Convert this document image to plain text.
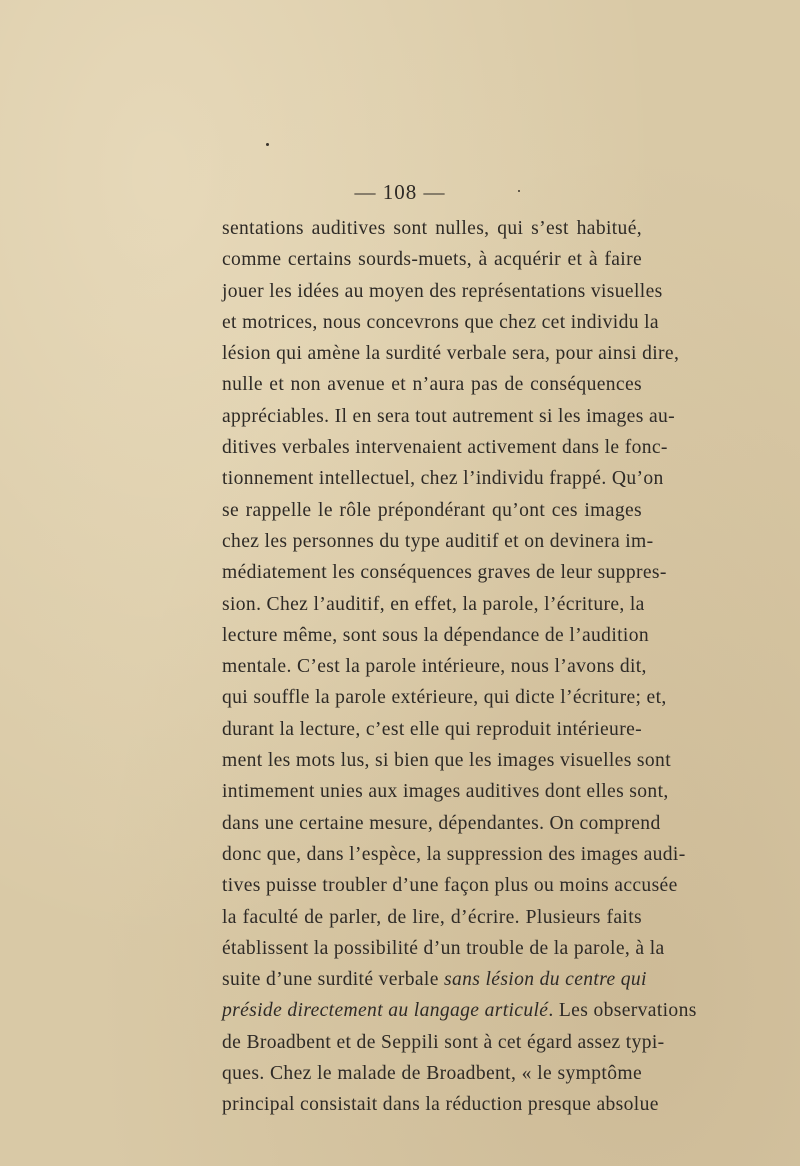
— 108 —
sentations auditives sont nulles, qui s’est habitué,
comme certains sourds-muets, à acquérir et à faire
jouer les idées au moyen des représentations visuelles
et motrices, nous concevrons que chez cet individu la
lésion qui amène la surdité verbale sera, pour ainsi dire,
nulle et non avenue et n’aura pas de conséquences
appréciables. Il en sera tout autrement si les images au-
ditives verbales intervenaient activement dans le fonc-
tionnement intellectuel, chez l’individu frappé. Qu’on
se rappelle le rôle prépondérant qu’ont ces images
chez les personnes du type auditif et on devinera im-
médiatement les conséquences graves de leur suppres-
sion. Chez l’auditif, en effet, la parole, l’écriture, la
lecture même, sont sous la dépendance de l’audition
mentale. C’est la parole intérieure, nous l’avons dit,
qui souffle la parole extérieure, qui dicte l’écriture; et,
durant la lecture, c’est elle qui reproduit intérieure-
ment les mots lus, si bien que les images visuelles sont
intimement unies aux images auditives dont elles sont,
dans une certaine mesure, dépendantes. On comprend
donc que, dans l’espèce, la suppression des images audi-
tives puisse troubler d’une façon plus ou moins accusée
la faculté de parler, de lire, d’écrire. Plusieurs faits
établissent la possibilité d’un trouble de la parole, à la
suite d’une surdité verbale sans lésion du centre qui
préside directement au langage articulé. Les observations
de Broadbent et de Seppili sont à cet égard assez typi-
ques. Chez le malade de Broadbent, « le symptôme
principal consistait dans la réduction presque absolue
